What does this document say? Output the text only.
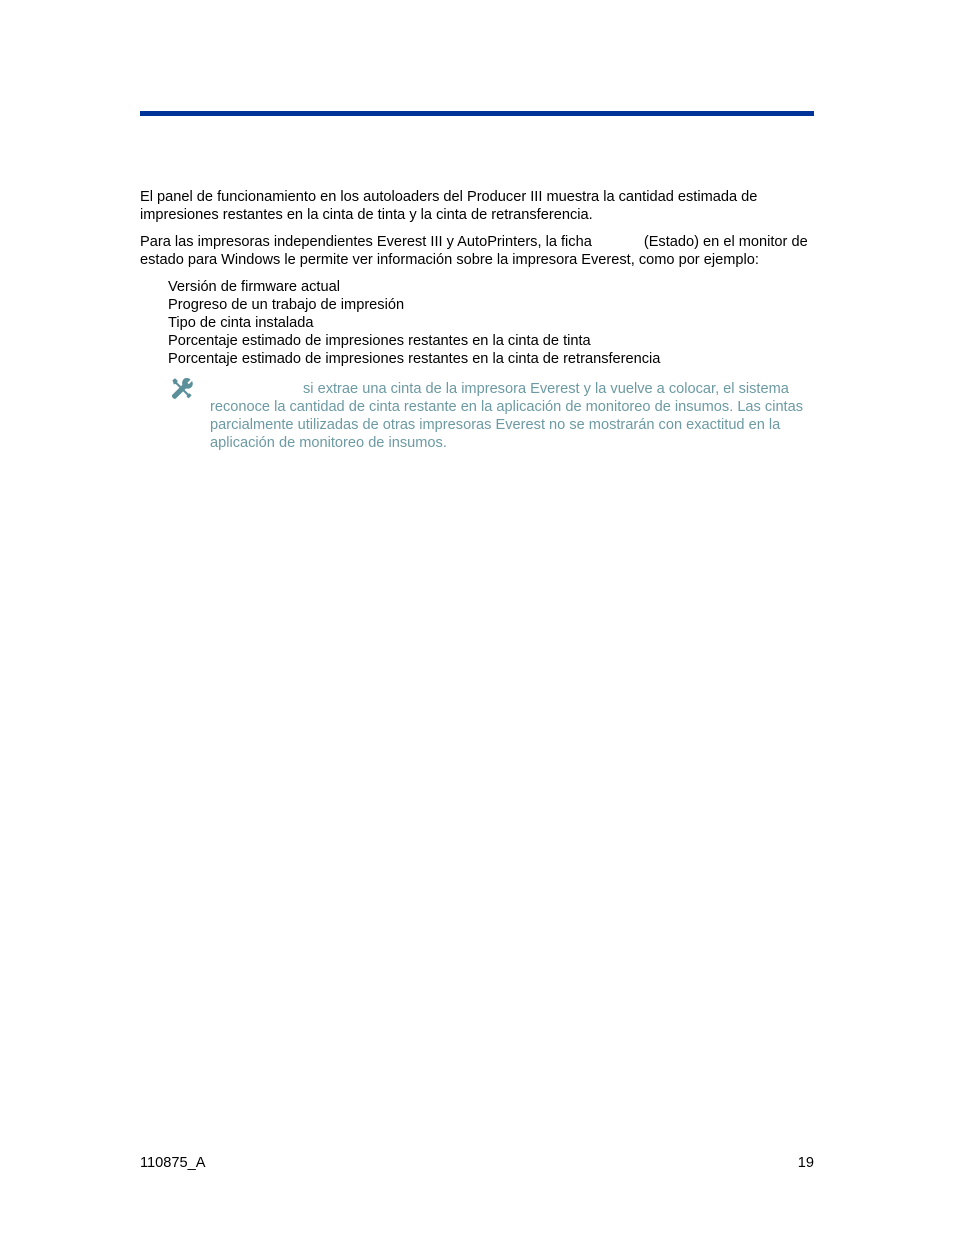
El panel de funcionamiento en los autoloaders del Producer III muestra la cantidad estimada de impresiones restantes en la cinta de tinta y la cinta de retransferencia.

Para las impresoras independientes Everest III y AutoPrinters, la ficha	(Estado) en el monitor de estado para Windows le permite ver información sobre la impresora Everest, como por ejemplo:

Versión de firmware actual
Progreso de un trabajo de impresión
Tipo de cinta instalada
Porcentaje estimado de impresiones restantes en la cinta de tinta
Porcentaje estimado de impresiones restantes en la cinta de retransferencia
si extrae una cinta de la impresora Everest y la vuelve a colocar, el sistema reconoce la cantidad de cinta restante en la aplicación de monitoreo de insumos. Las cintas parcialmente utilizadas de otras impresoras Everest no se mostrarán con exactitud en la aplicación de monitoreo de insumos.
110875_A	19
